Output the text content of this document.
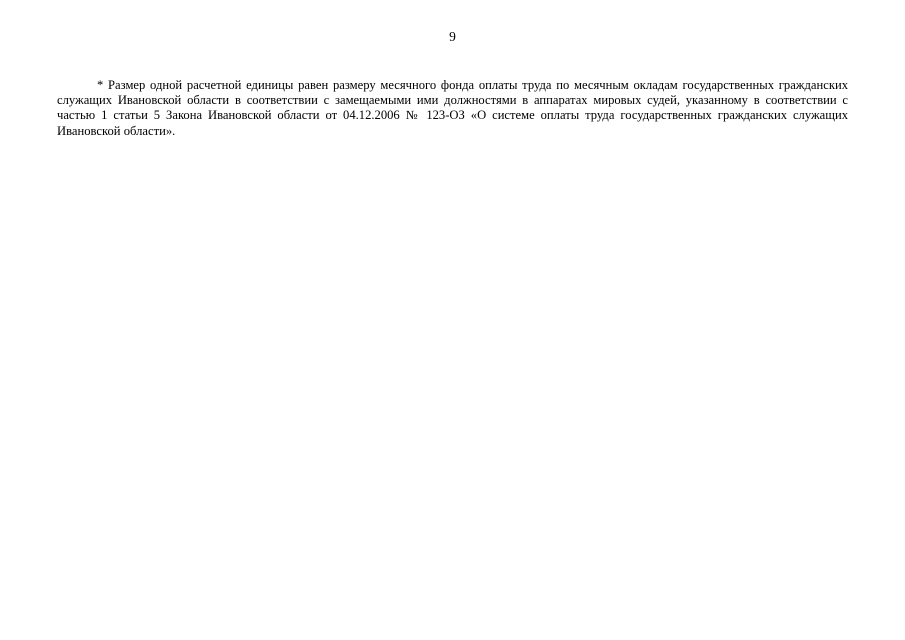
9

* Размер одной расчетной единицы равен размеру месячного фонда оплаты труда по месячным окладам государственных гражданских служащих Ивановской области в соответствии с замещаемыми ими должностями в аппаратах мировых судей, указанному в соответствии с частью 1 статьи 5 Закона Ивановской области от 04.12.2006 № 123-ОЗ «О системе оплаты труда государственных гражданских служащих Ивановской области».
